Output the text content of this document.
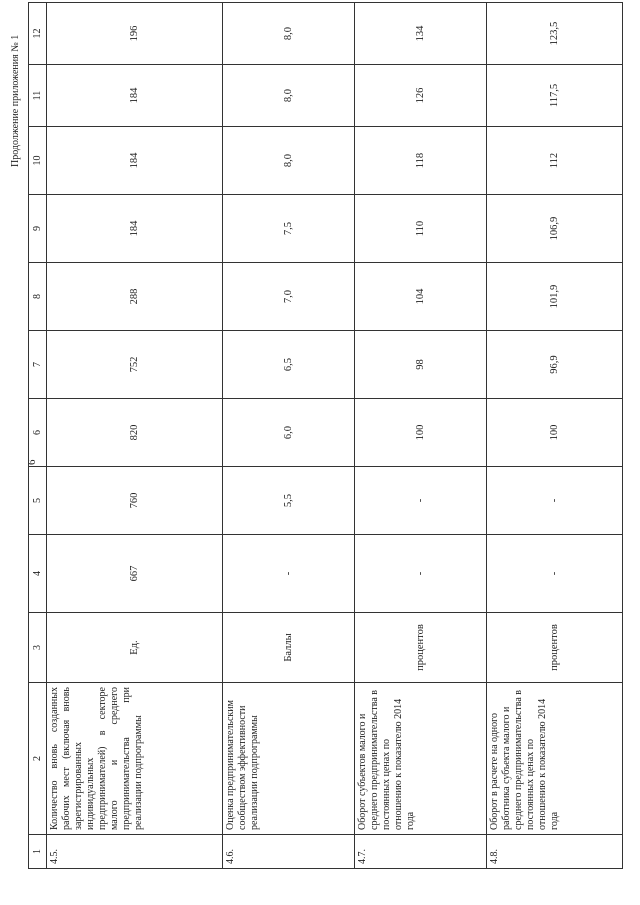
6
Продолжение приложения № 1
1	2	3	4	5	6	7	8	9	10	11	12
4.5.	Количество вновь созданных рабочих мест (включая вновь зарегистрированных индивидуальных предпринимателей) в секторе малого и среднего предпринимательства при реализации подпрограммы	Ед.	667	760	820	752	288	184	184	184	196
4.6.	Оценка предпринимательским сообществом эффективности реализации подпрограммы	Баллы	-	5,5	6,0	6,5	7,0	7,5	8,0	8,0	8,0
4.7.	Оборот субъектов малого и среднего предпринимательства в постоянных ценах по отношению к показателю 2014 года	процентов	-	-	100	98	104	110	118	126	134
4.8.	Оборот в расчете на одного работника субъекта малого и среднего предпринимательства в постоянных ценах по отношению к показателю 2014 года	процентов	-	-	100	96,9	101,9	106,9	112	117,5	123,5
